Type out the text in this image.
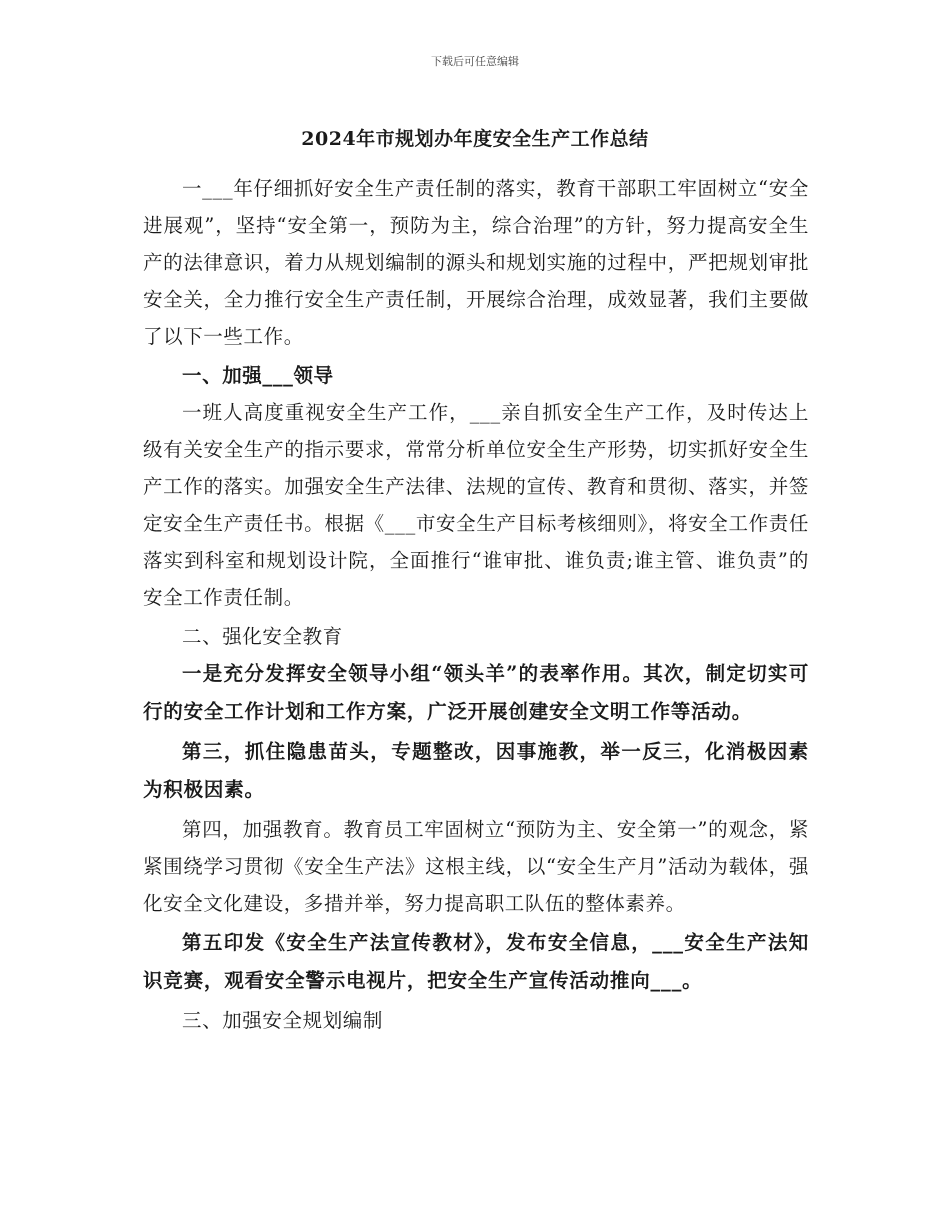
下载后可任意编辑
2024年市规划办年度安全生产工作总结

一___年仔细抓好安全生产责任制的落实，教育干部职工牢固树立“安全进展观”，坚持“安全第一，预防为主，综合治理”的方针，努力提高安全生产的法律意识，着力从规划编制的源头和规划实施的过程中，严把规划审批安全关，全力推行安全生产责任制，开展综合治理，成效显著，我们主要做了以下一些工作。

一、加强___领导

一班人高度重视安全生产工作，___亲自抓安全生产工作，及时传达上级有关安全生产的指示要求，常常分析单位安全生产形势，切实抓好安全生产工作的落实。加强安全生产法律、法规的宣传、教育和贯彻、落实，并签定安全生产责任书。根据《___市安全生产目标考核细则》，将安全工作责任落实到科室和规划设计院，全面推行“谁审批、谁负责;谁主管、谁负责”的安全工作责任制。

二、强化安全教育

一是充分发挥安全领导小组“领头羊”的表率作用。其次，制定切实可行的安全工作计划和工作方案，广泛开展创建安全文明工作等活动。

第三，抓住隐患苗头，专题整改，因事施教，举一反三，化消极因素为积极因素。

第四，加强教育。教育员工牢固树立“预防为主、安全第一”的观念，紧紧围绕学习贯彻《安全生产法》这根主线，以“安全生产月”活动为载体，强化安全文化建设，多措并举，努力提高职工队伍的整体素养。

第五印发《安全生产法宣传教材》，发布安全信息，___安全生产法知识竞赛，观看安全警示电视片，把安全生产宣传活动推向___。

三、加强安全规划编制
